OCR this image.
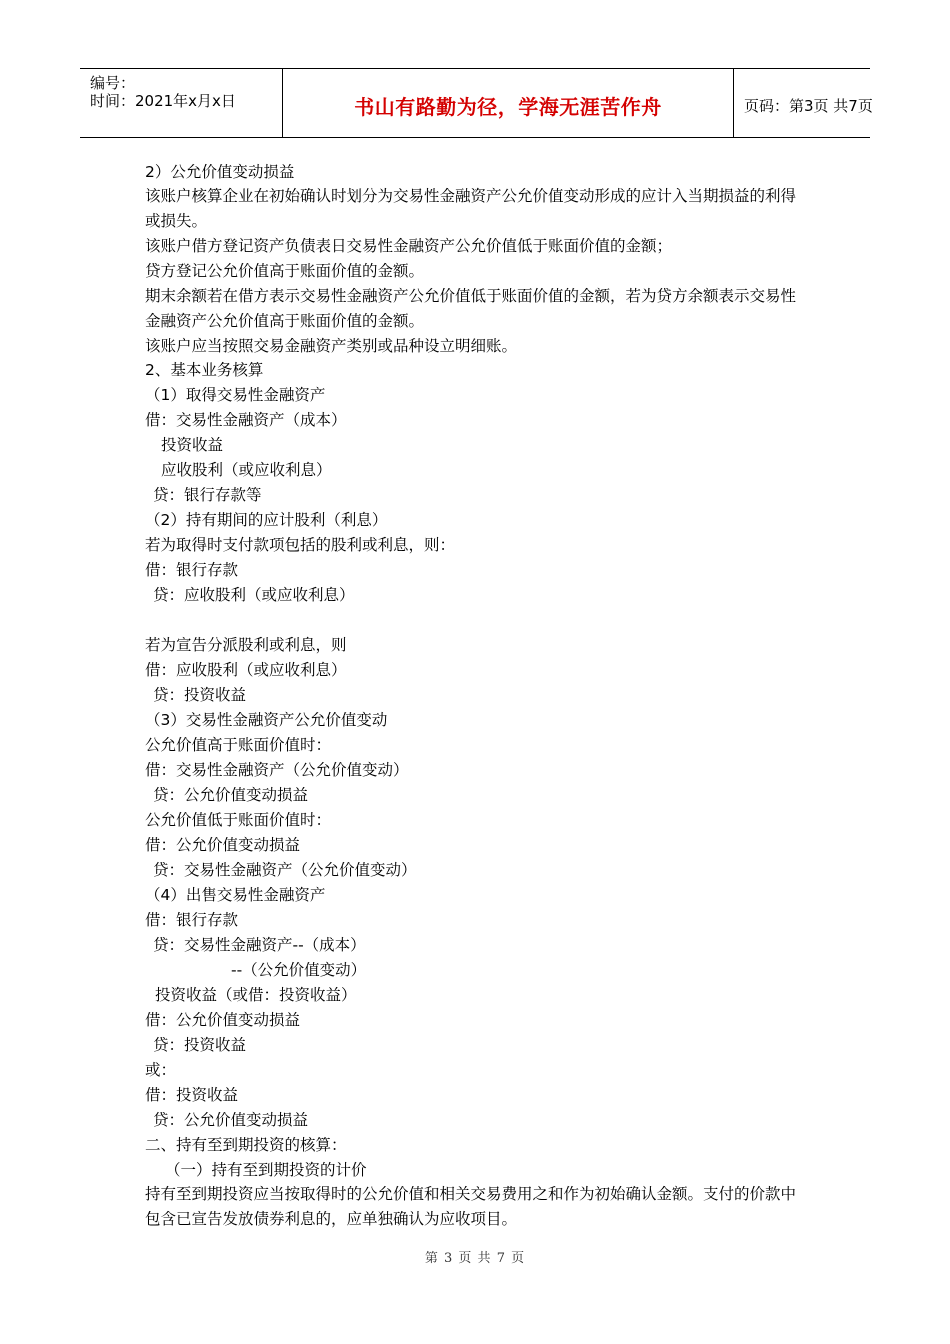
编号：
时间：2021年x月x日	书山有路勤为径，学海无涯苦作舟	页码：第3页 共7页
2）公允价值变动损益
该账户核算企业在初始确认时划分为交易性金融资产公允价值变动形成的应计入当期损益的利得或损失。
该账户借方登记资产负债表日交易性金融资产公允价值低于账面价值的金额；
贷方登记公允价值高于账面价值的金额。
期末余额若在借方表示交易性金融资产公允价值低于账面价值的金额，若为贷方余额表示交易性金融资产公允价值高于账面价值的金额。
该账户应当按照交易金融资产类别或品种设立明细账。
2、基本业务核算
（1）取得交易性金融资产
借：交易性金融资产（成本）
投资收益
应收股利（或应收利息）
贷：银行存款等
（2）持有期间的应计股利（利息）
若为取得时支付款项包括的股利或利息，则：
借：银行存款
贷：应收股利（或应收利息）
若为宣告分派股利或利息，则
借：应收股利（或应收利息）
贷：投资收益
（3）交易性金融资产公允价值变动
公允价值高于账面价值时：
借：交易性金融资产（公允价值变动）
贷：公允价值变动损益
公允价值低于账面价值时：
借：公允价值变动损益
贷：交易性金融资产（公允价值变动）
（4）出售交易性金融资产
借：银行存款
贷：交易性金融资产--（成本）
--（公允价值变动）
投资收益（或借：投资收益）
借：公允价值变动损益
贷：投资收益
或：
借：投资收益
贷：公允价值变动损益
二、持有至到期投资的核算：
（一）持有至到期投资的计价
持有至到期投资应当按取得时的公允价值和相关交易费用之和作为初始确认金额。支付的价款中包含已宣告发放债券利息的，应单独确认为应收项目。
第 3 页 共 7 页
